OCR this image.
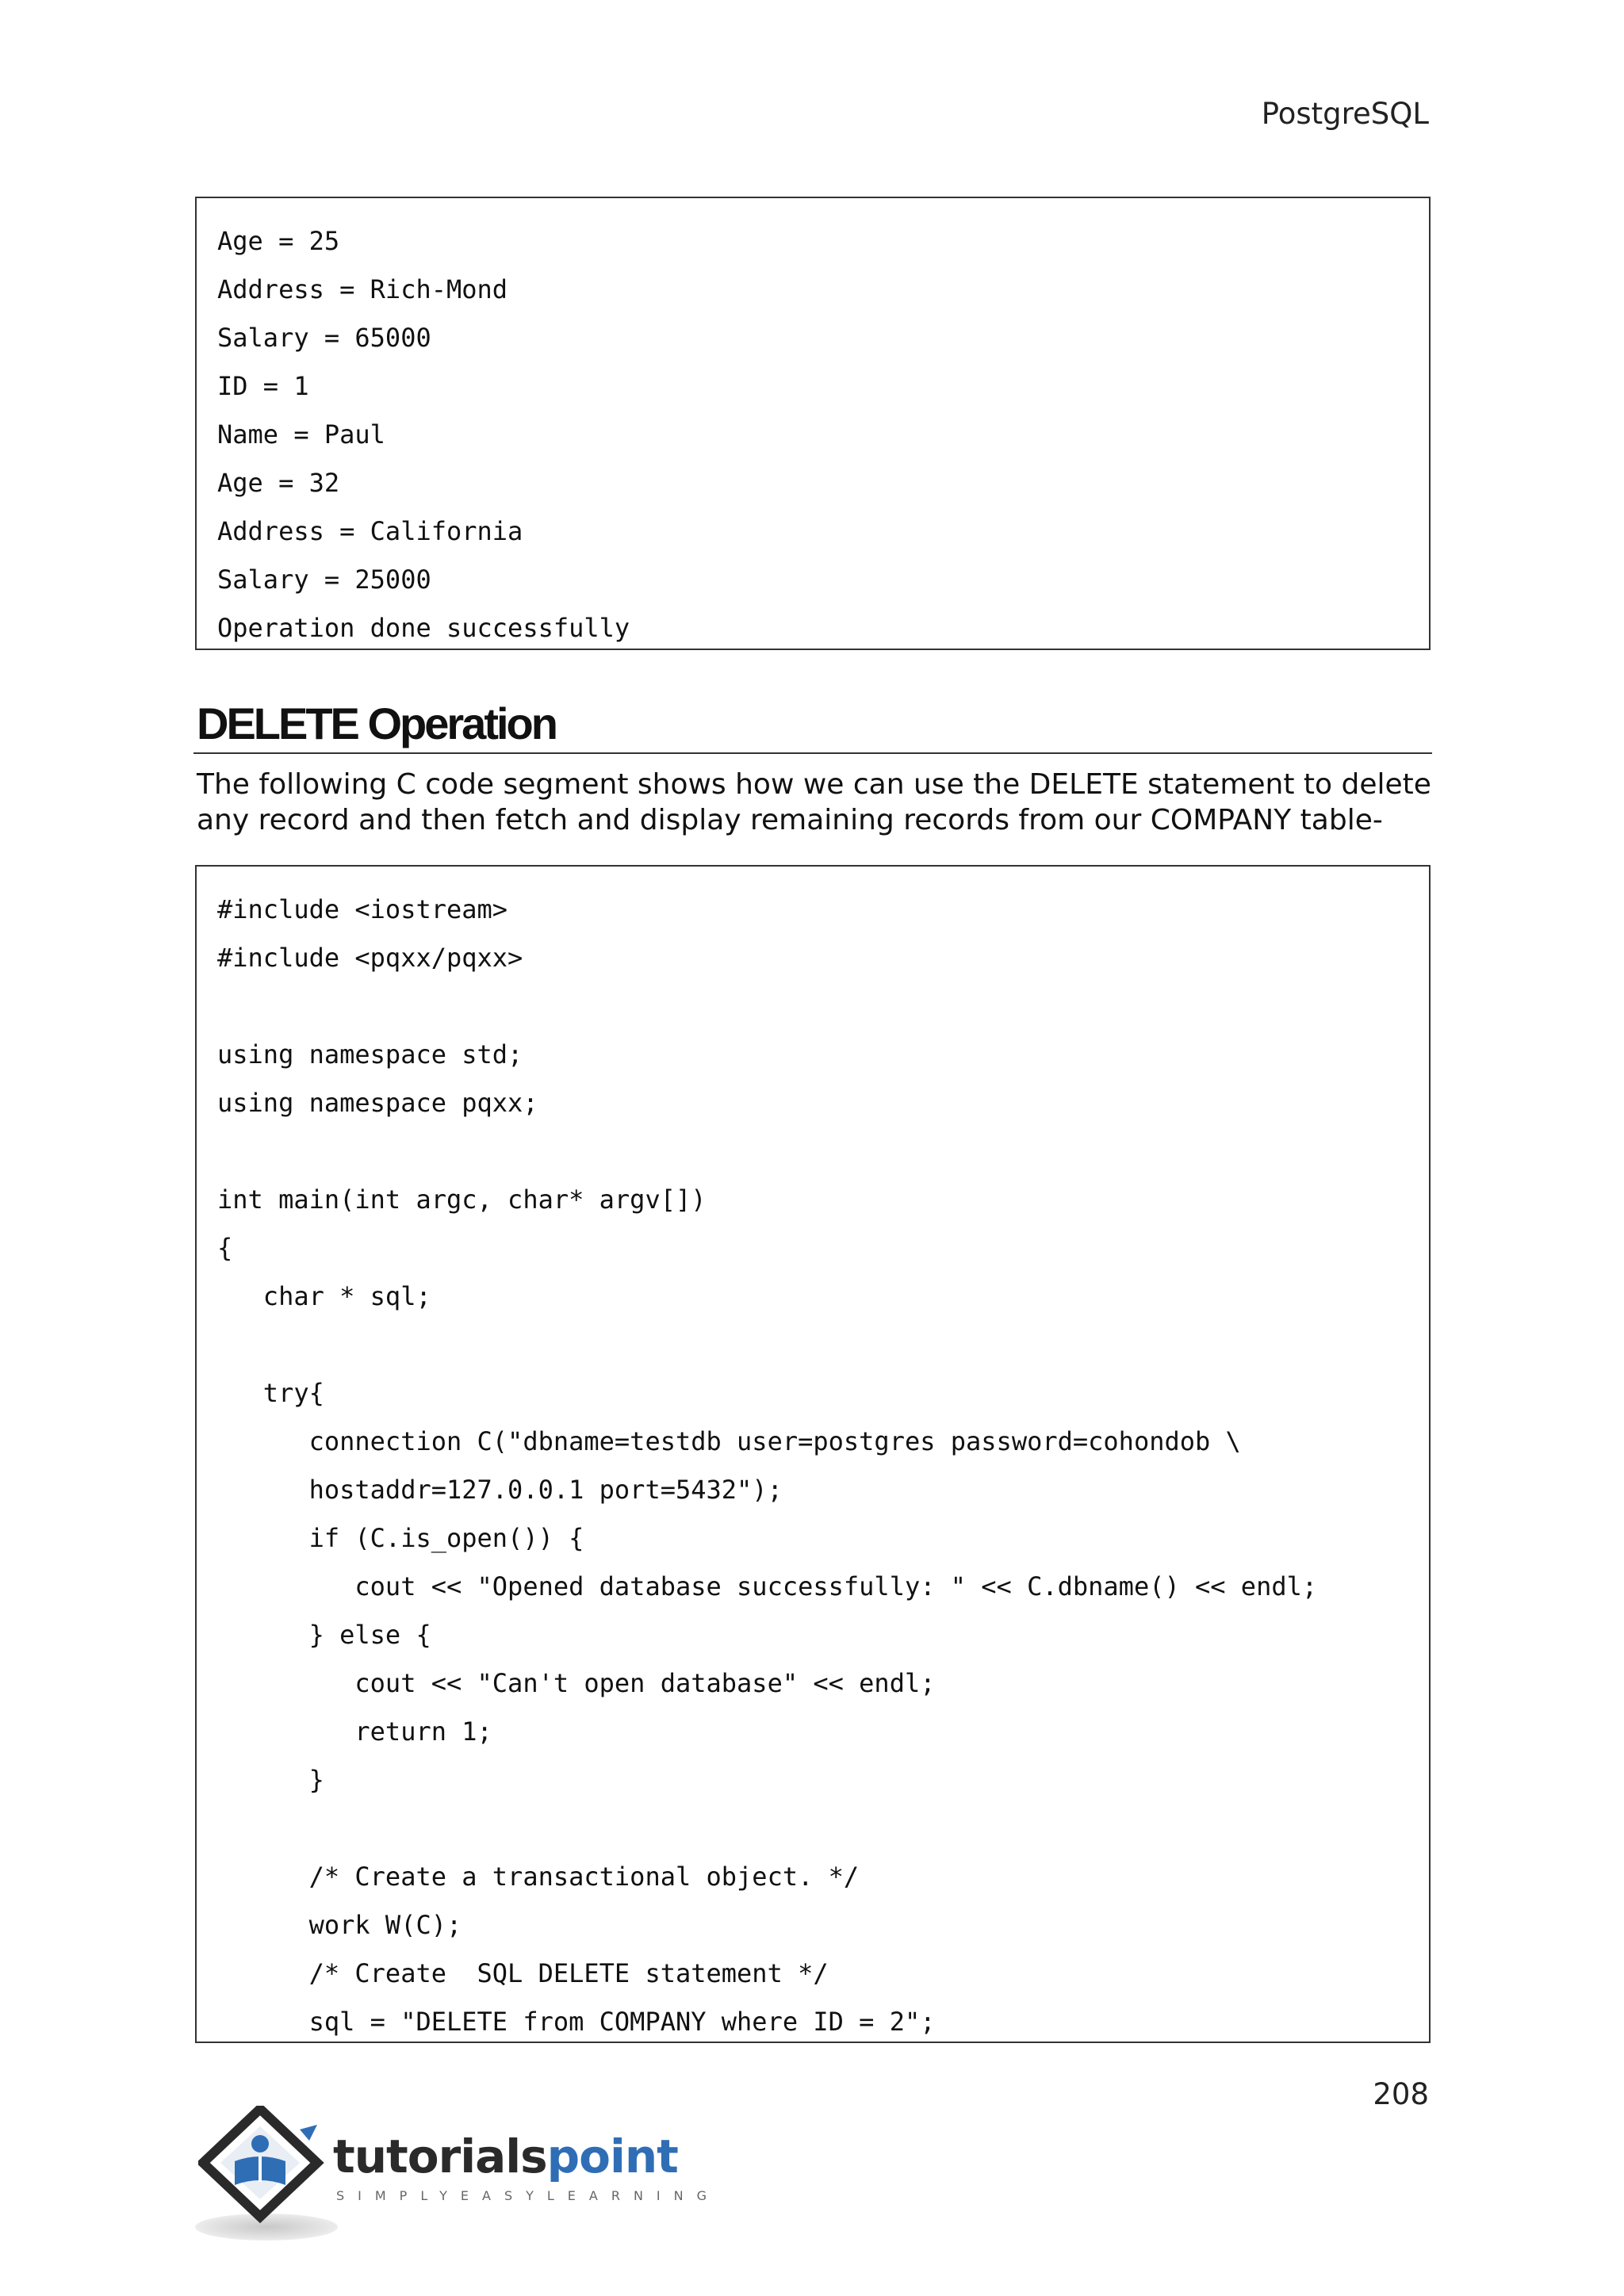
PostgreSQL
Age = 25
Address = Rich-Mond
Salary = 65000
ID = 1
Name = Paul
Age = 32
Address = California
Salary = 25000
Operation done successfully
DELETE Operation

The following C code segment shows how we can use the DELETE statement to delete any record and then fetch and display remaining records from our COMPANY table-

#include <iostream>
#include <pqxx/pqxx>
using namespace std;
using namespace pqxx;
int main(int argc, char* argv[])
{
char * sql;
try{
connection C("dbname=testdb user=postgres password=cohondob \
hostaddr=127.0.0.1 port=5432");
if (C.is_open()) {
cout << "Opened database successfully: " << C.dbname() << endl;
} else {
cout << "Can't open database" << endl;
return 1;
}
/* Create a transactional object. */
work W(C);
/* Create  SQL DELETE statement */
sql = "DELETE from COMPANY where ID = 2";
208
tutorialspoint
SIMPLYEASYLEARNING
